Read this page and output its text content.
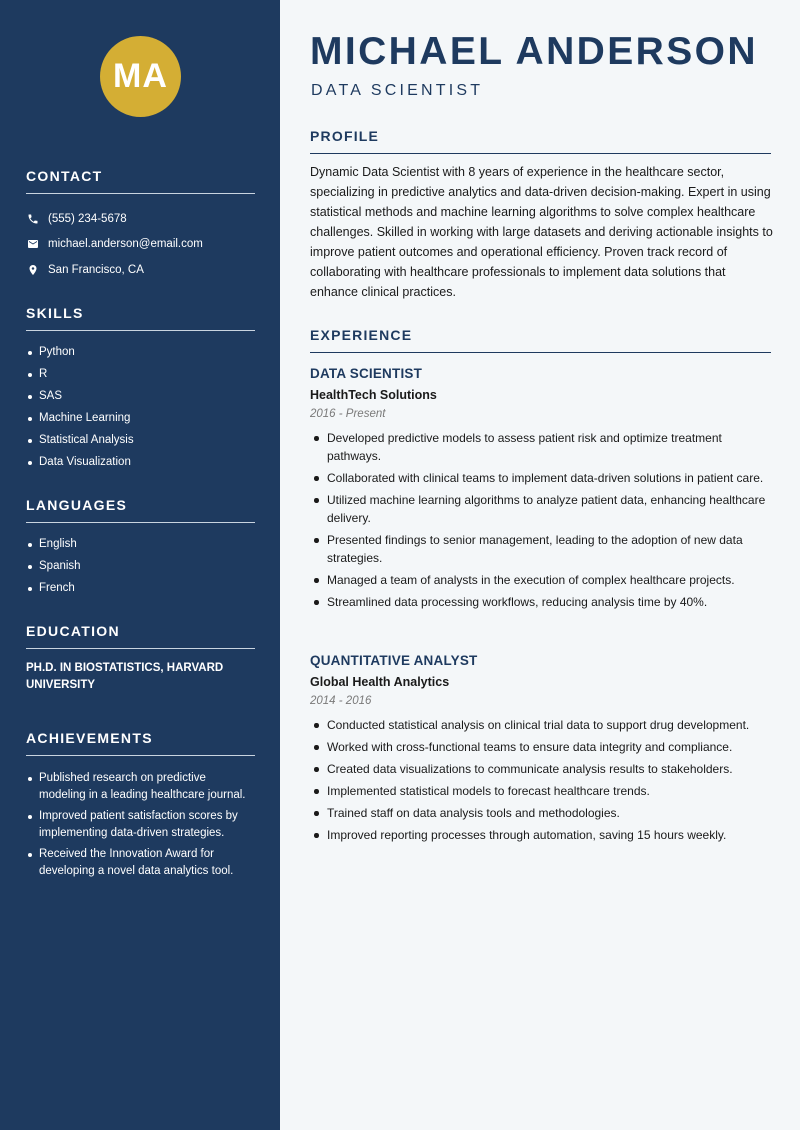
MA
CONTACT
(555) 234-5678
michael.anderson@email.com
San Francisco, CA
SKILLS
Python
R
SAS
Machine Learning
Statistical Analysis
Data Visualization
LANGUAGES
English
Spanish
French
EDUCATION

PH.D. IN BIOSTATISTICS, HARVARD UNIVERSITY

ACHIEVEMENTS
Published research on predictive modeling in a leading healthcare journal.
Improved patient satisfaction scores by implementing data-driven strategies.
Received the Innovation Award for developing a novel data analytics tool.
MICHAEL ANDERSON
DATA SCIENTIST
PROFILE

Dynamic Data Scientist with 8 years of experience in the healthcare sector, specializing in predictive analytics and data-driven decision-making. Expert in using statistical methods and machine learning algorithms to solve complex healthcare challenges. Skilled in working with large datasets and deriving actionable insights to improve patient outcomes and operational efficiency. Proven track record of collaborating with healthcare professionals to implement data solutions that enhance clinical practices.

EXPERIENCE
DATA SCIENTIST
HealthTech Solutions
2016 - Present
Developed predictive models to assess patient risk and optimize treatment pathways.
Collaborated with clinical teams to implement data-driven solutions in patient care.
Utilized machine learning algorithms to analyze patient data, enhancing healthcare delivery.
Presented findings to senior management, leading to the adoption of new data strategies.
Managed a team of analysts in the execution of complex healthcare projects.
Streamlined data processing workflows, reducing analysis time by 40%.
QUANTITATIVE ANALYST
Global Health Analytics
2014 - 2016
Conducted statistical analysis on clinical trial data to support drug development.
Worked with cross-functional teams to ensure data integrity and compliance.
Created data visualizations to communicate analysis results to stakeholders.
Implemented statistical models to forecast healthcare trends.
Trained staff on data analysis tools and methodologies.
Improved reporting processes through automation, saving 15 hours weekly.
